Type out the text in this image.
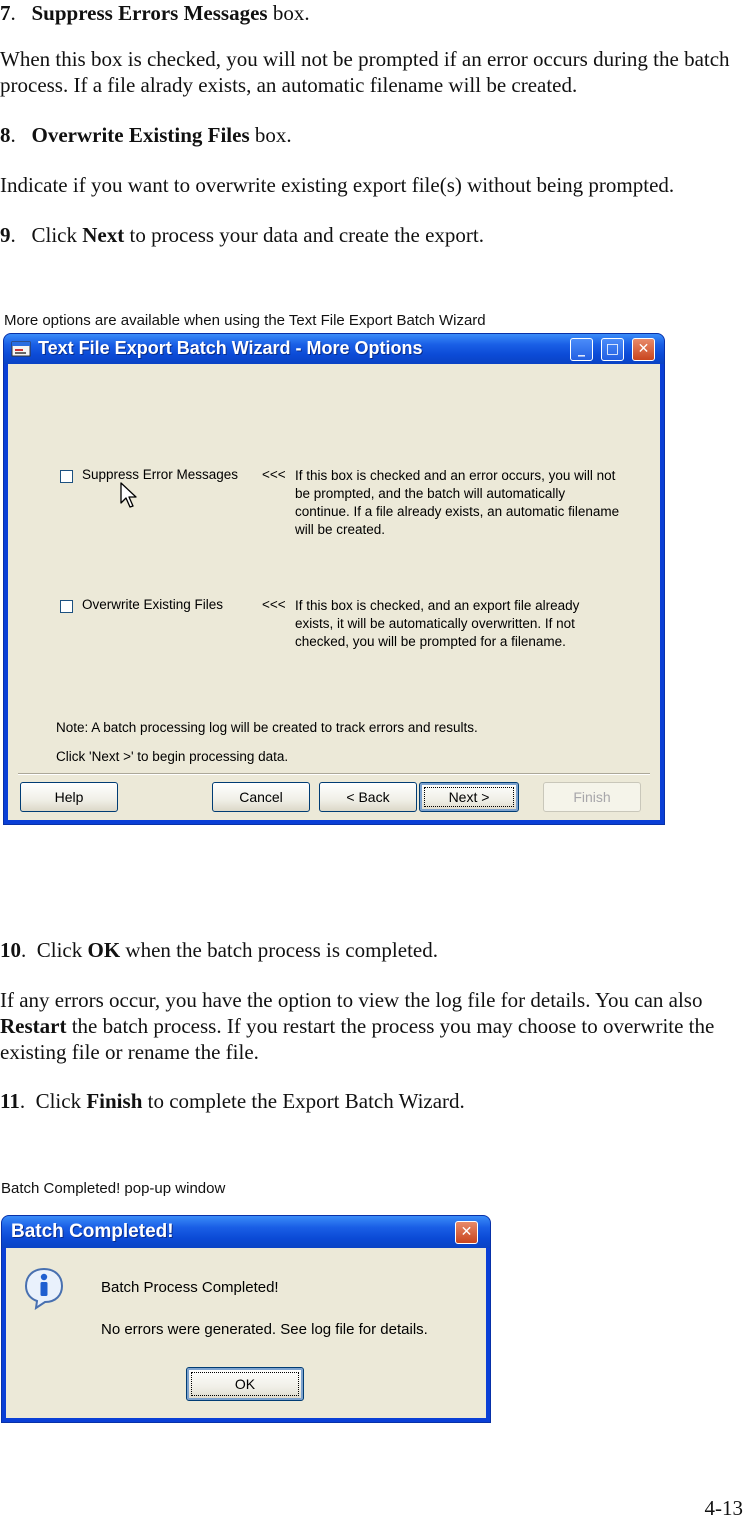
7.   Suppress Errors Messages box.
When this box is checked, you will not be prompted if an error occurs during the batch process. If a file alrady exists, an automatic filename will be created.
8.   Overwrite Existing Files box.
Indicate if you want to overwrite existing export file(s) without being prompted.
9.   Click Next to process your data and create the export.
More options are available when using the Text File Export Batch Wizard
Text File Export Batch Wizard - More Options	_	□	✕
Suppress Error Messages <<< If this box is checked and an error occurs, you will not
be prompted, and the batch will automatically
continue. If a file already exists, an automatic filename
will be created.
Overwrite Existing Files	<<< If this box is checked, and an export file already
exists, it will be automatically overwritten. If not
checked, you will be prompted for a filename.
Note: A batch processing log will be created to track errors and results.
Click 'Next >' to begin processing data.
Help	Cancel	< Back	Next >	Finish
10.  Click OK when the batch process is completed.
If any errors occur, you have the option to view the log file for details. You can also Restart the batch process. If you restart the process you may choose to overwrite the existing file or rename the file.
11.  Click Finish to complete the Export Batch Wizard.
Batch Completed! pop-up window
Batch Completed!	✕
Batch Process Completed!
No errors were generated. See log file for details.
OK
4-13
